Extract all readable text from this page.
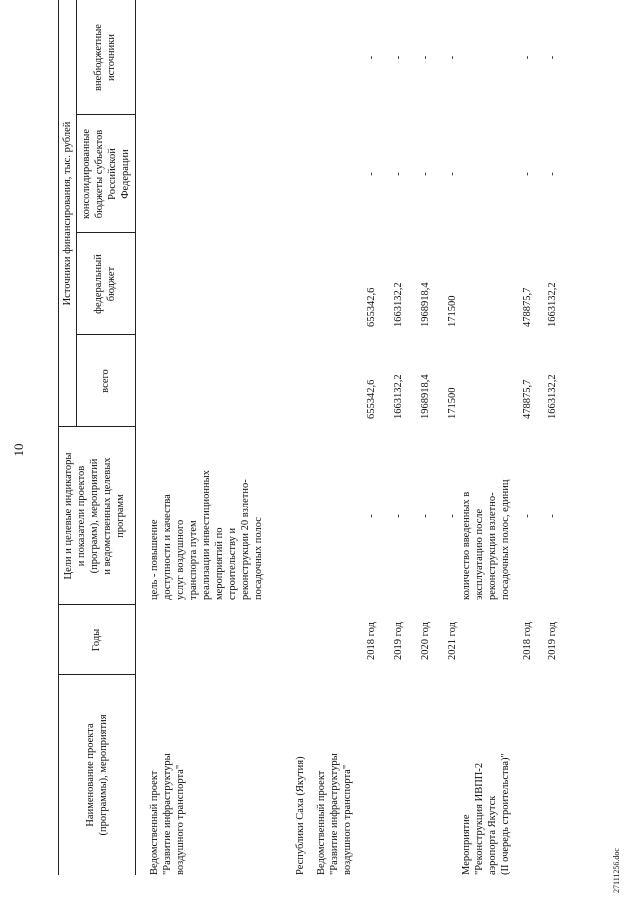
10
Наименование проекта (программы), мероприятия
Годы
Цели и целевые индикаторы и показатели проектов (программ), мероприятий и ведомственных целевых программ
Источники финансирования, тыс. рублей
всего
федеральный бюджет
консолидированные бюджеты субъектов Российской Федерации
внебюджетные источники
Ведомственный проект "Развитие инфраструктуры воздушного транспорта"
цель - повышение доступности и качества услуг воздушного транспорта путем реализации инвестиционных мероприятий по строительству и реконструкции 20 взлетно- посадочных полос
Республики Саха (Якутия) Ведомственный проект "Развитие инфраструктуры воздушного транспорта"
2018 год
-
655342,6
655342,6
-
-
2019 год
-
1663132,2
1663132,2
-
-
2020 год
-
1968918,4
1968918,4
-
-
2021 год
-
171500
171500
-
-
Мероприятие "Реконструкция ИВПП-2 аэропорта Якутск (II очередь строительства)"
количество введенных в эксплуатацию после реконструкции взлетно- посадочных полос, единиц
2018 год
-
478875,7
478875,7
-
-
2019 год
-
1663132,2
1663132,2
-
-
27111256.doc
